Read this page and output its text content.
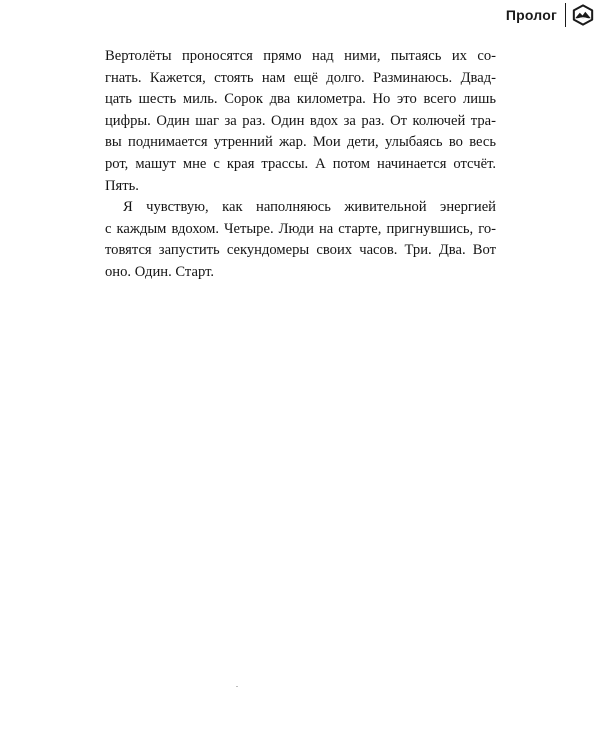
Пролог

Вертолёты проносятся прямо над ними, пытаясь их со-
гнать. Кажется, стоять нам ещё долго. Разминаюсь. Двад-
цать шесть миль. Сорок два километра. Но это всего лишь
цифры. Один шаг за раз. Один вдох за раз. От колючей тра-
вы поднимается утренний жар. Мои дети, улыбаясь во весь
рот, машут мне с края трассы. А потом начинается отсчёт.
Пять.

Я чувствую, как наполняюсь живительной энергией
с каждым вдохом. Четыре. Люди на старте, пригнувшись, го-
товятся запустить секундомеры своих часов. Три. Два. Вот
оно. Один. Старт.
